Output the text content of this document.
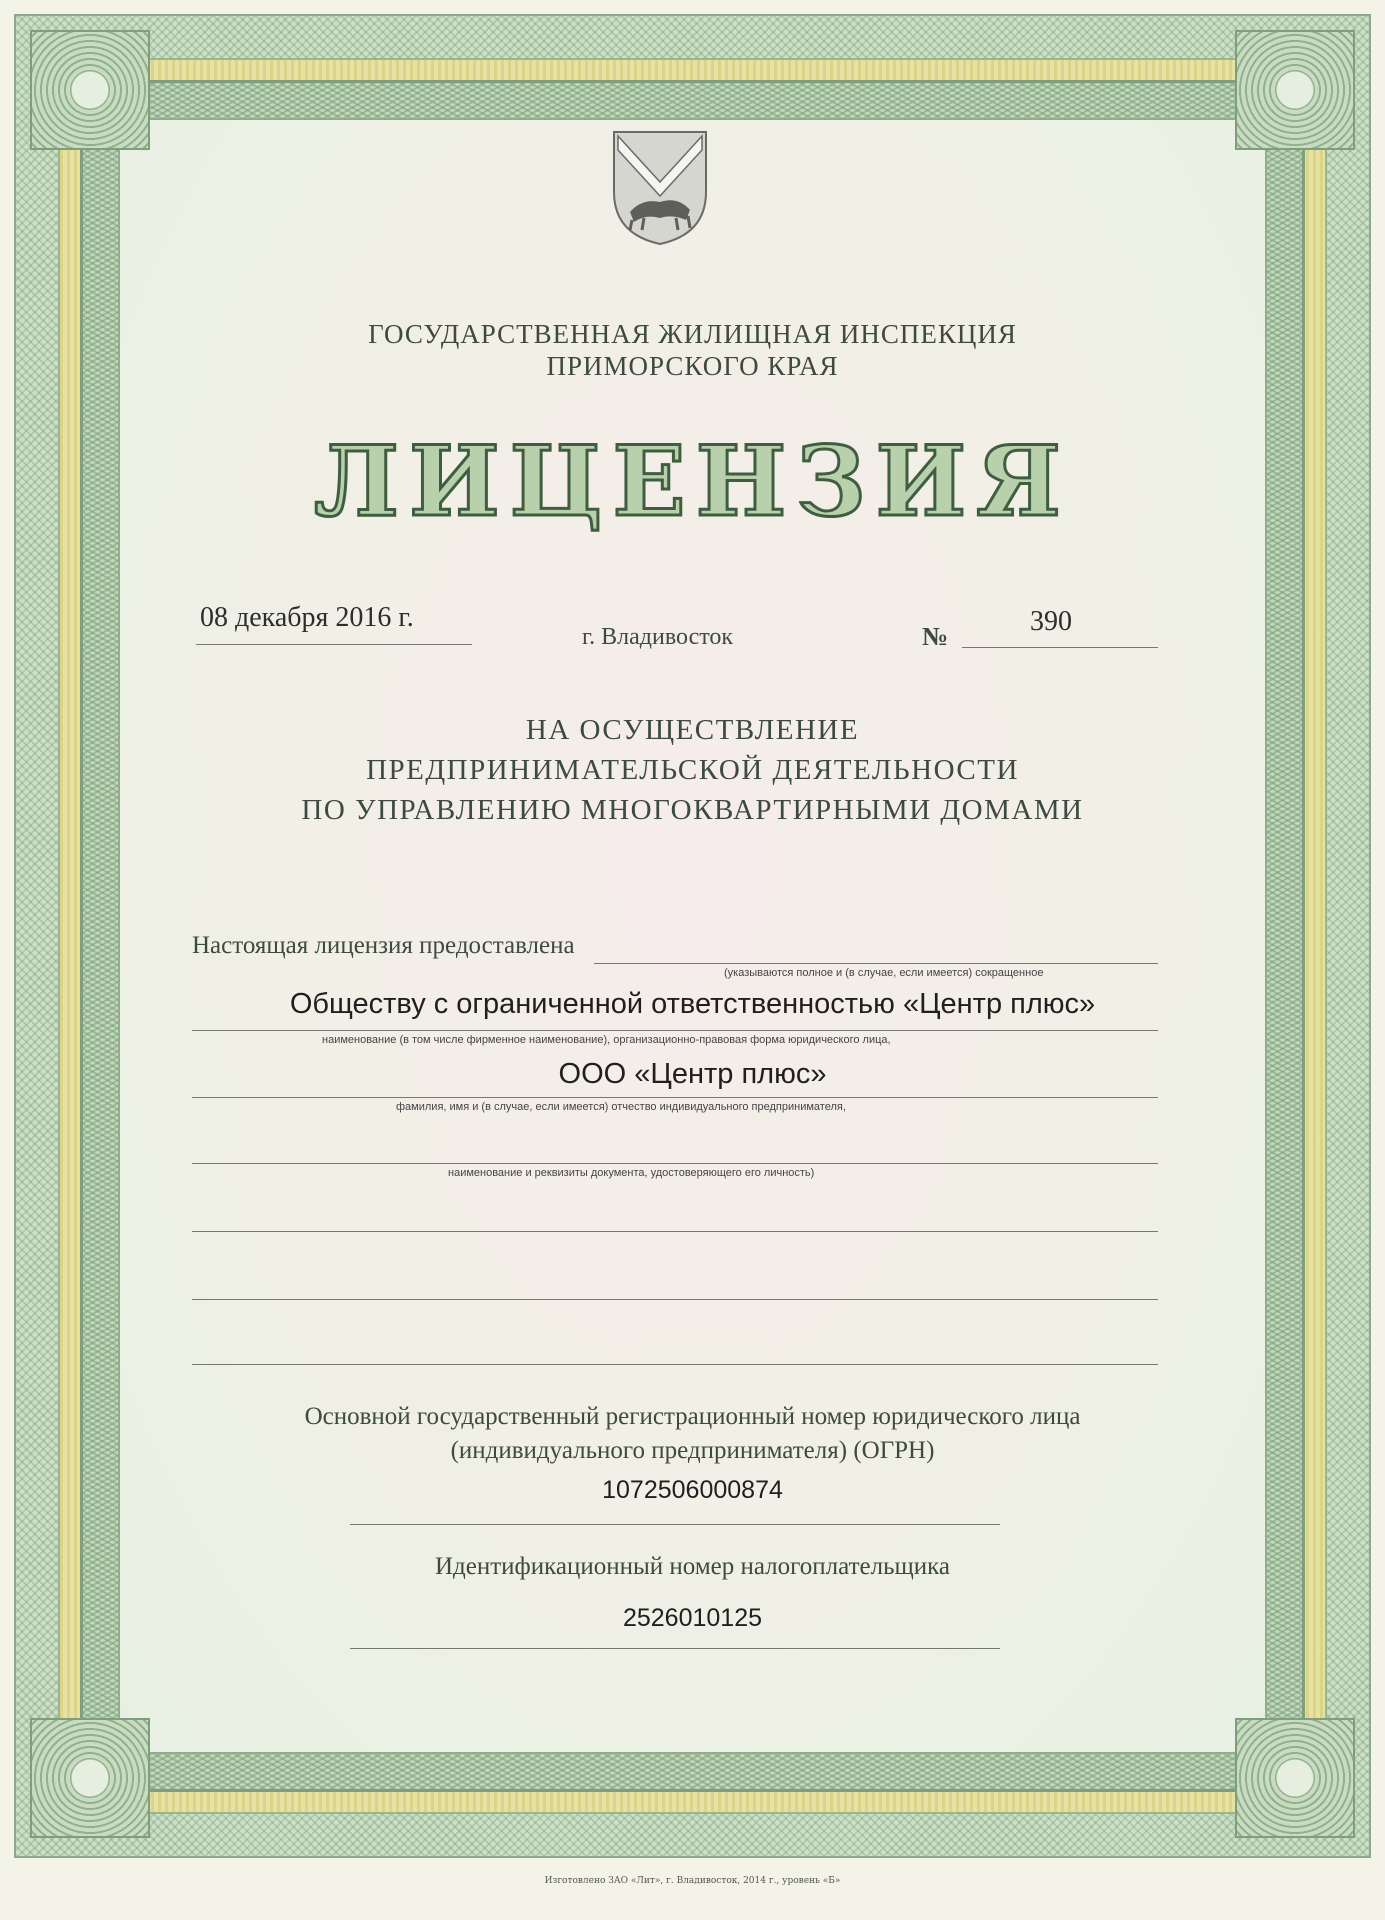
ГОСУДАРСТВЕННАЯ ЖИЛИЩНАЯ ИНСПЕКЦИЯ
ПРИМОРСКОГО КРАЯ
ЛИЦЕНЗИЯ
08 декабря 2016 г.
г. Владивосток	№	390
НА ОСУЩЕСТВЛЕНИЕ
ПРЕДПРИНИМАТЕЛЬСКОЙ ДЕЯТЕЛЬНОСТИ
ПО УПРАВЛЕНИЮ МНОГОКВАРТИРНЫМИ ДОМАМИ
Настоящая лицензия предоставлена
(указываются полное и (в случае, если имеется) сокращенное
Обществу с ограниченной ответственностью «Центр плюс»
наименование (в том числе фирменное наименование), организационно-правовая форма юридического лица,
ООО «Центр плюс»
фамилия, имя и (в случае, если имеется) отчество индивидуального предпринимателя,
наименование и реквизиты документа, удостоверяющего его личность)
Основной государственный регистрационный номер юридического лица
(индивидуального предпринимателя) (ОГРН)
1072506000874
Идентификационный номер налогоплательщика
2526010125
Изготовлено ЗАО «Лит», г. Владивосток, 2014 г., уровень «Б»
